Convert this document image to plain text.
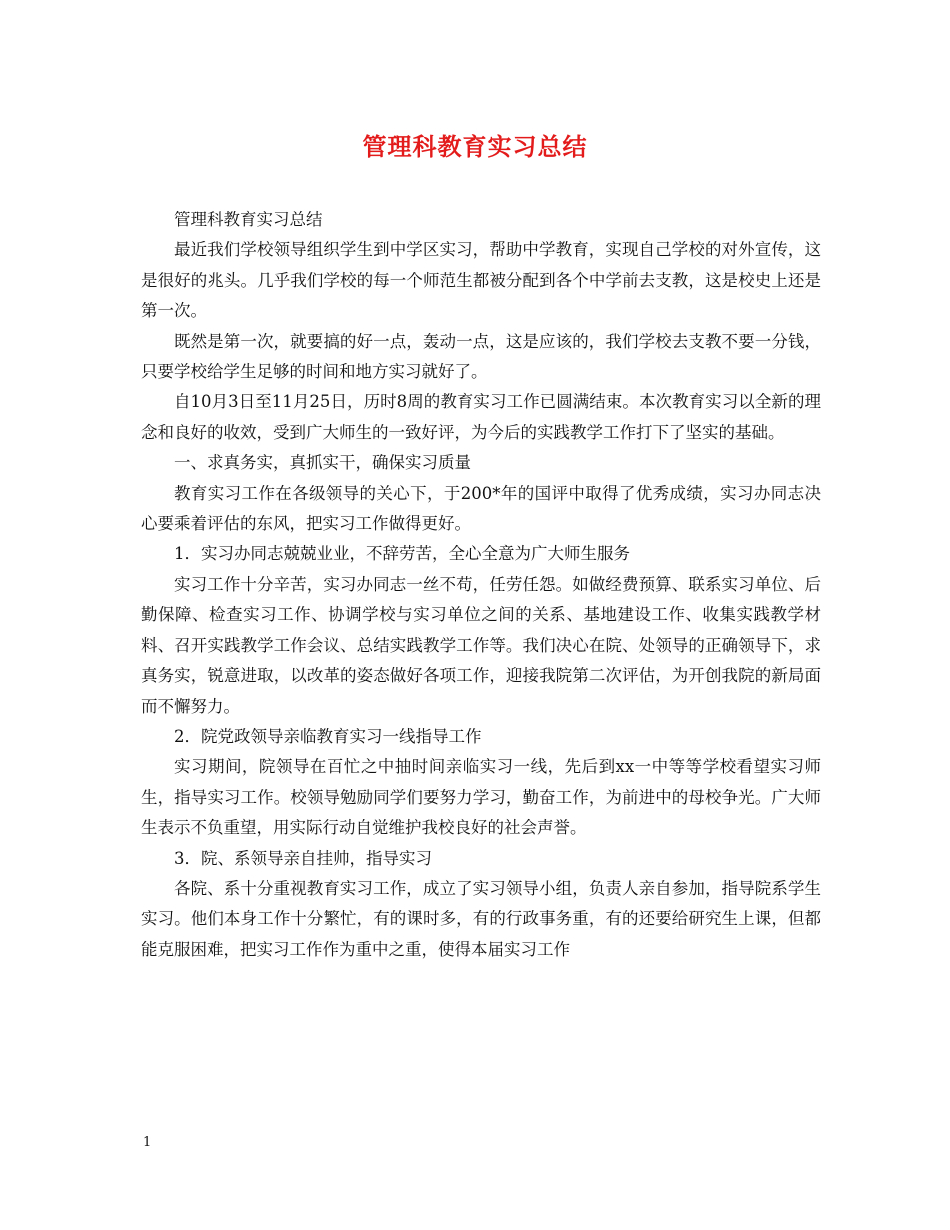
管理科教育实习总结

管理科教育实习总结

最近我们学校领导组织学生到中学区实习，帮助中学教育，实现自己学校的对外宣传，这是很好的兆头。几乎我们学校的每一个师范生都被分配到各个中学前去支教，这是校史上还是第一次。

既然是第一次，就要搞的好一点，轰动一点，这是应该的，我们学校去支教不要一分钱，只要学校给学生足够的时间和地方实习就好了。

自10月3日至11月25日，历时8周的教育实习工作已圆满结束。本次教育实习以全新的理念和良好的收效，受到广大师生的一致好评，为今后的实践教学工作打下了坚实的基础。

一、求真务实，真抓实干，确保实习质量

教育实习工作在各级领导的关心下，于200*年的国评中取得了优秀成绩，实习办同志决心要乘着评估的东风，把实习工作做得更好。

1．实习办同志兢兢业业，不辞劳苦，全心全意为广大师生服务

实习工作十分辛苦，实习办同志一丝不苟，任劳任怨。如做经费预算、联系实习单位、后勤保障、检查实习工作、协调学校与实习单位之间的关系、基地建设工作、收集实践教学材料、召开实践教学工作会议、总结实践教学工作等。我们决心在院、处领导的正确领导下，求真务实，锐意进取，以改革的姿态做好各项工作，迎接我院第二次评估，为开创我院的新局面而不懈努力。

2．院党政领导亲临教育实习一线指导工作

实习期间，院领导在百忙之中抽时间亲临实习一线，先后到xx一中等等学校看望实习师生，指导实习工作。校领导勉励同学们要努力学习，勤奋工作，为前进中的母校争光。广大师生表示不负重望，用实际行动自觉维护我校良好的社会声誉。

3．院、系领导亲自挂帅，指导实习

各院、系十分重视教育实习工作，成立了实习领导小组，负责人亲自参加，指导院系学生实习。他们本身工作十分繁忙，有的课时多，有的行政事务重，有的还要给研究生上课，但都能克服困难，把实习工作作为重中之重，使得本届实习工作

1
